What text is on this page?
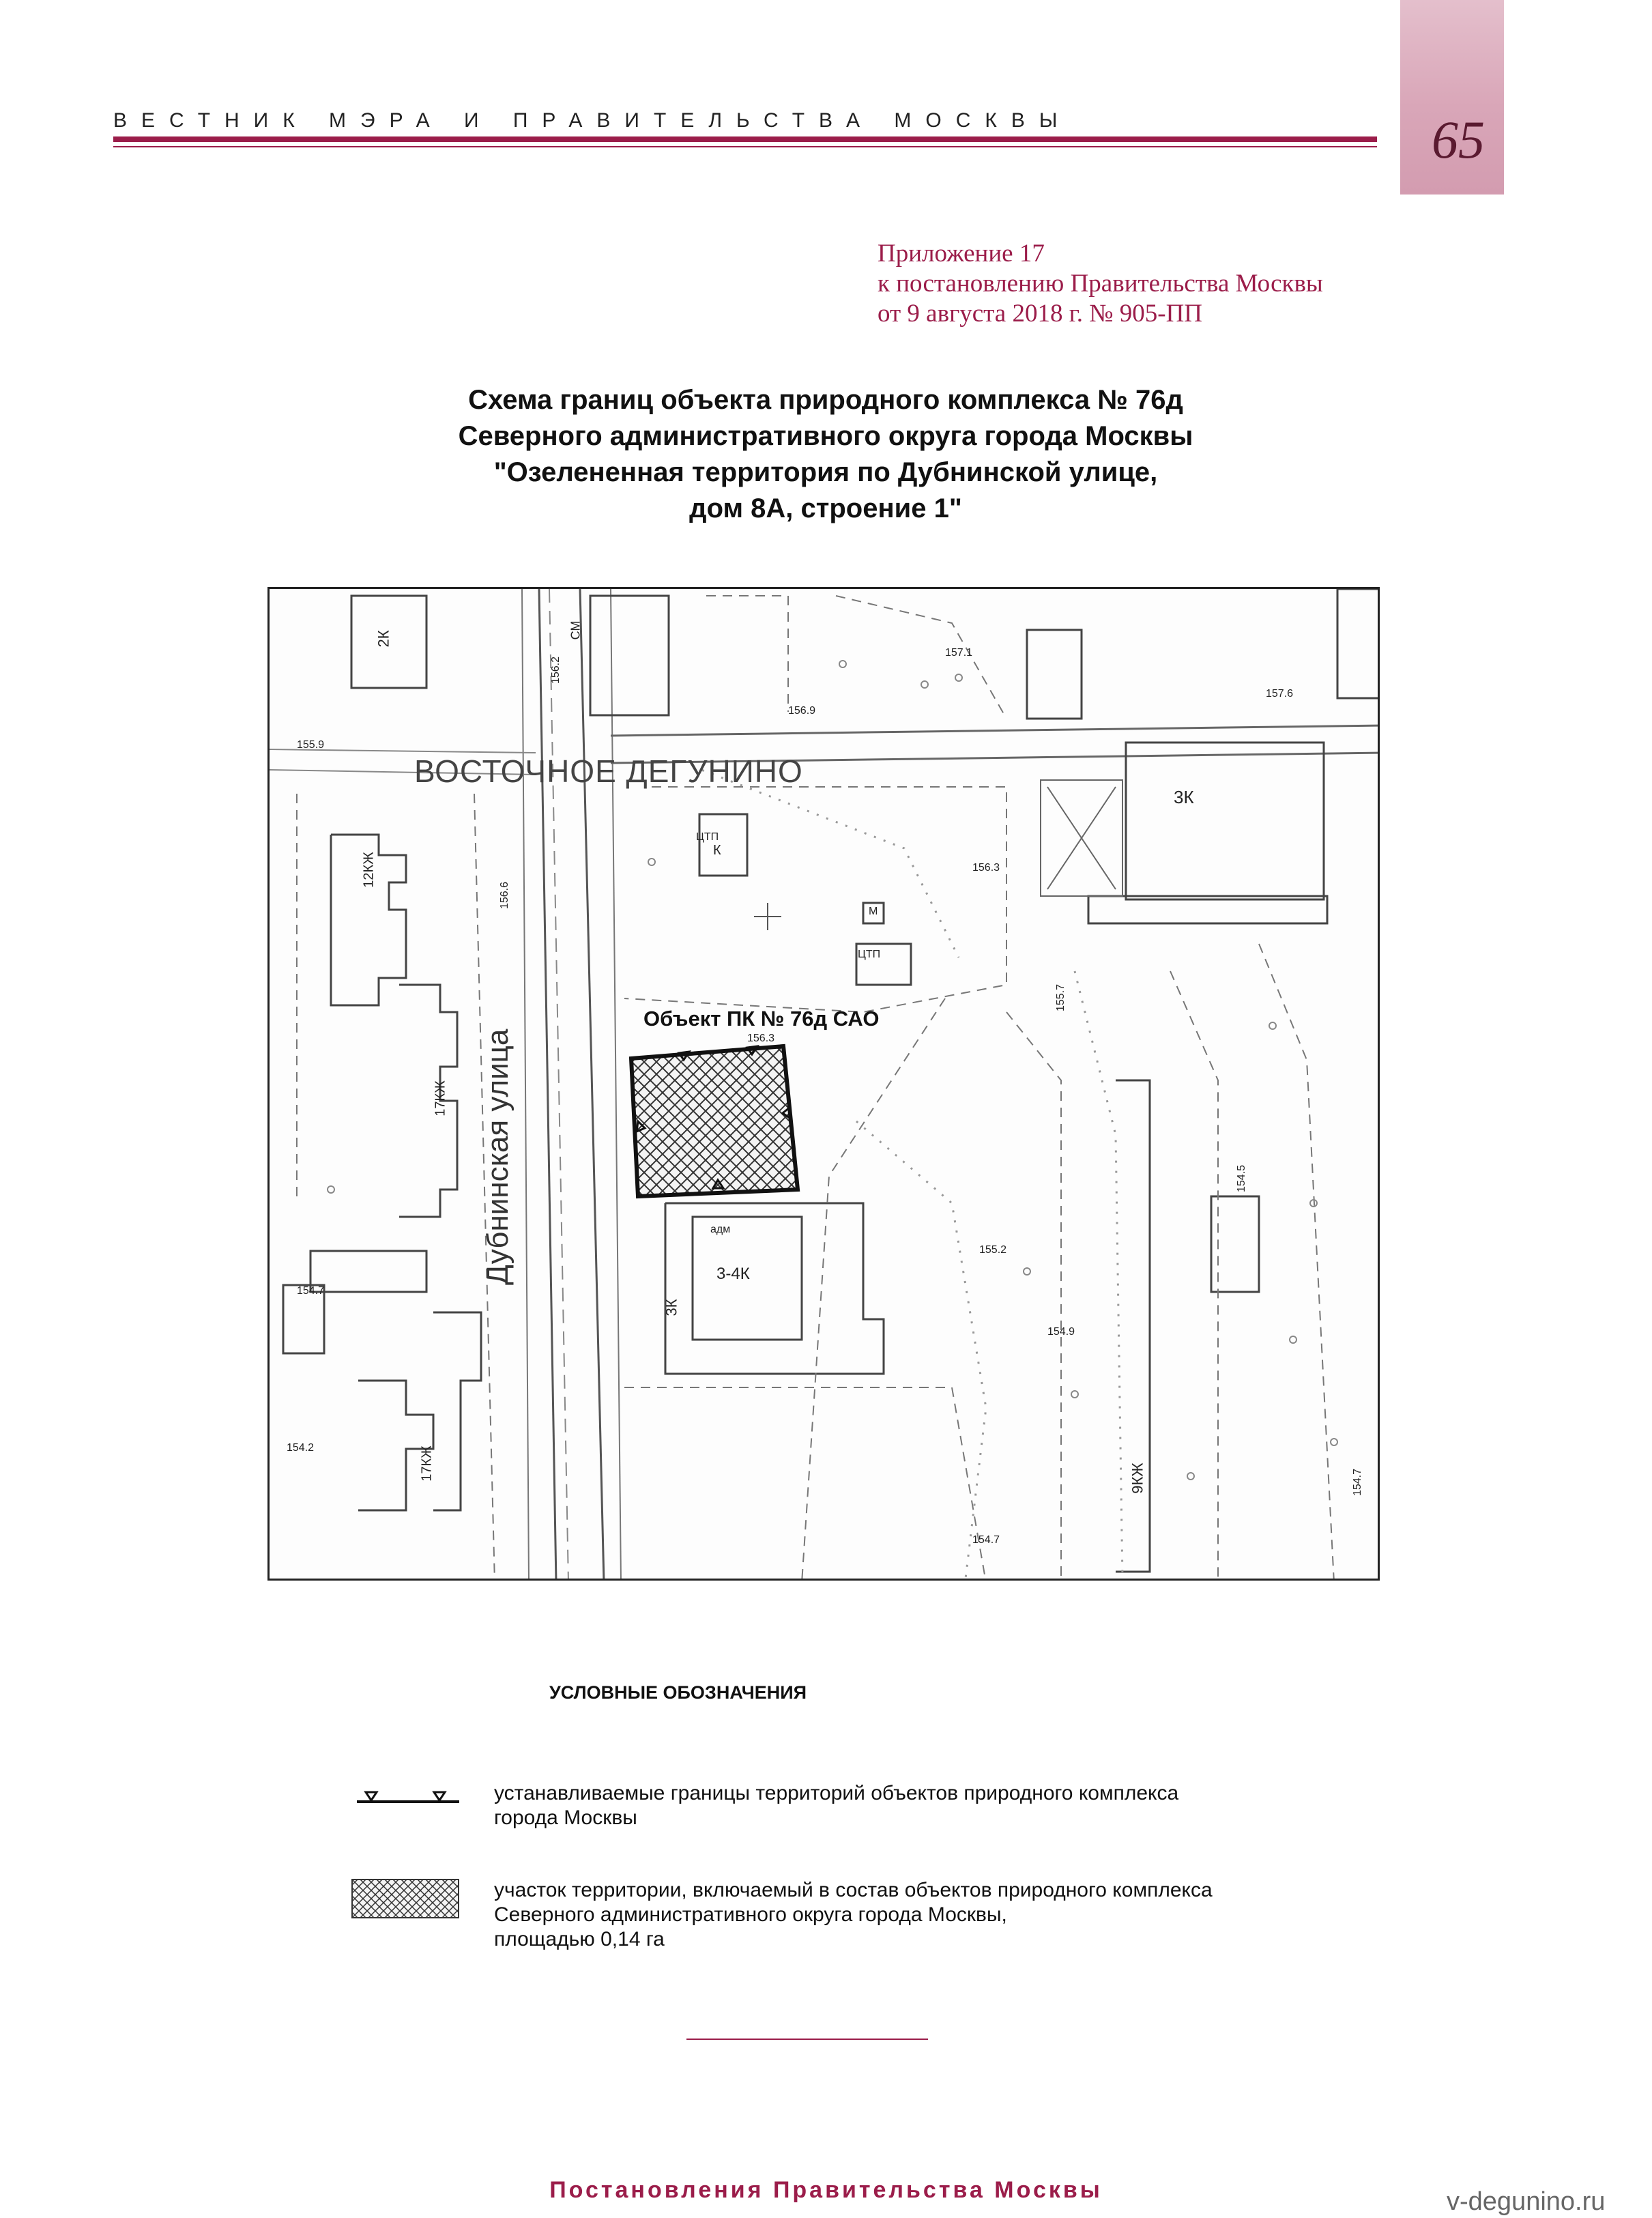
ВЕСТНИК МЭРА И ПРАВИТЕЛЬСТВА МОСКВЫ	65
Приложение 17
к постановлению Правительства Москвы
от 9 августа 2018 г. № 905-ПП
Схема границ объекта природного комплекса № 76д
Северного административного округа города Москвы
"Озелененная территория по Дубнинской улице,
дом 8А, строение 1"
ВОСТОЧНОЕ ДЕГУНИНО
Объект ПК № 76д САО
Дубнинская улица
2К
12КЖ
17КЖ
3К
3-4К
3К
9КЖ
17КЖ
К
ЦТП
ЦТП
М
СМ
адм
155.9
156.6
157.1
156.9
157.6
156.3
156.3
154.7
154.2
155.2
154.9
154.7
154.5
155.7
154.7
156.2
УСЛОВНЫЕ ОБОЗНАЧЕНИЯ
устанавливаемые границы территорий объектов природного комплекса
города Москвы
участок территории, включаемый в состав объектов природного комплекса
Северного административного округа города Москвы,
площадью 0,14 га
Постановления Правительства Москвы	v-degunino.ru
